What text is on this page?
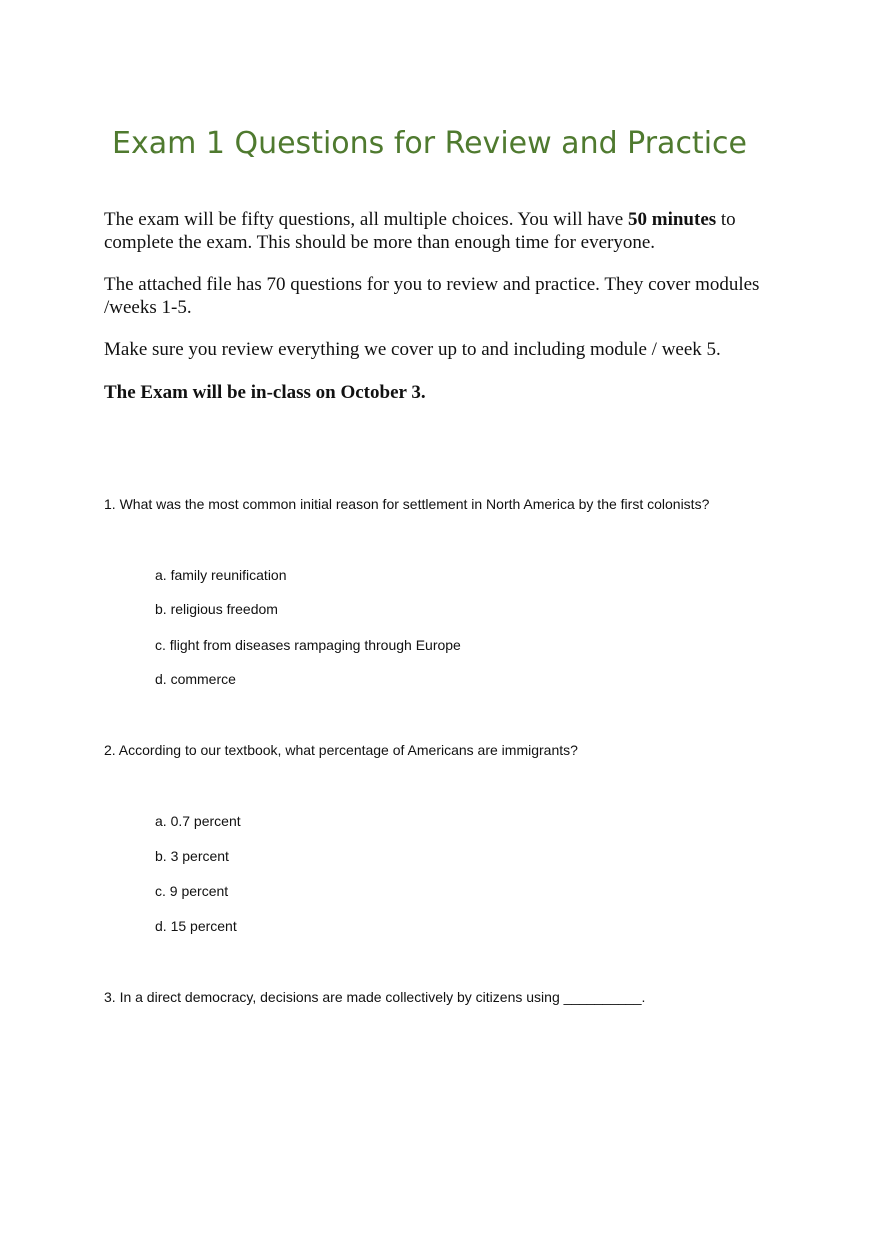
Exam 1 Questions for Review and Practice

The exam will be fifty questions, all multiple choices. You will have 50 minutes to complete the exam. This should be more than enough time for everyone.

The attached file has 70 questions for you to review and practice. They cover modules /weeks 1-5.

Make sure you review everything we cover up to and including module / week 5.

The Exam will be in-class on October 3.

1. What was the most common initial reason for settlement in North America by the first colonists?

a. family reunification

b. religious freedom

c. flight from diseases rampaging through Europe

d. commerce

2. According to our textbook, what percentage of Americans are immigrants?

a. 0.7 percent

b. 3 percent

c. 9 percent

d. 15 percent

3. In a direct democracy, decisions are made collectively by citizens using __________.
